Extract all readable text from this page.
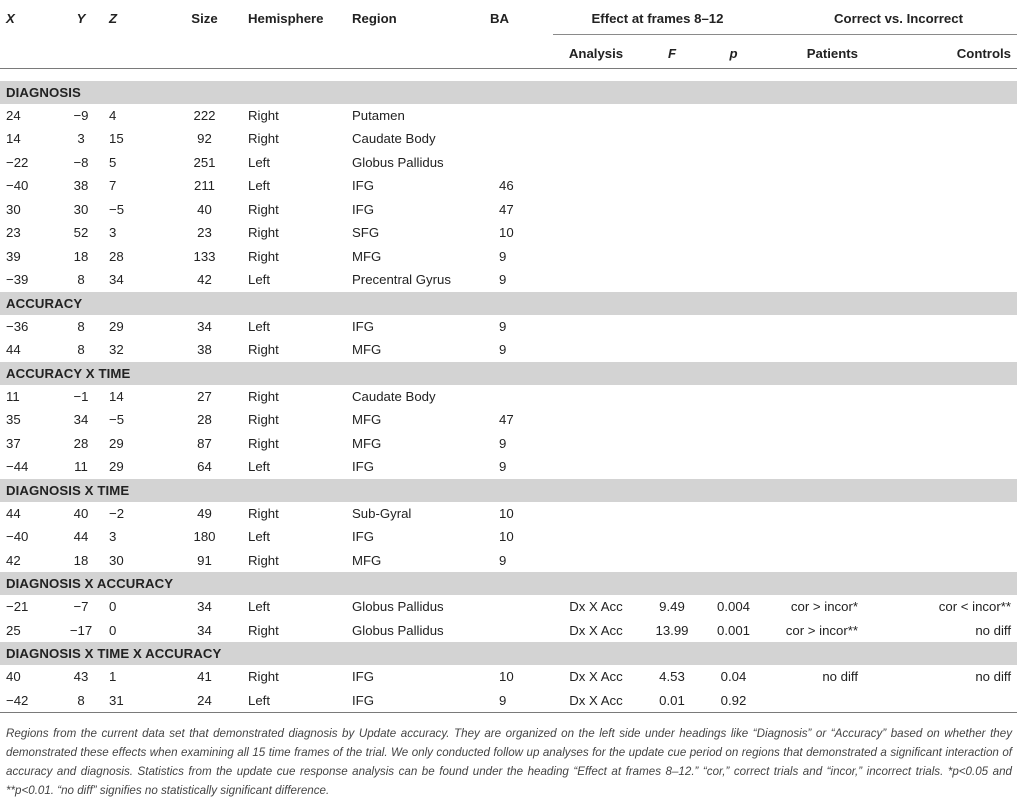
X	Y	Z	Size	Hemisphere	Region	BA	Effect at frames 8–12			Correct vs. Incorrect	
							Analysis	F	p	Patients	Controls

DIAGNOSIS											
24	−9	4	222	Right	Putamen						
14	3	15	92	Right	Caudate Body						
−22	−8	5	251	Left	Globus Pallidus						
−40	38	7	211	Left	IFG	46					
30	30	−5	40	Right	IFG	47					
23	52	3	23	Right	SFG	10					
39	18	28	133	Right	MFG	9					
−39	8	34	42	Left	Precentral Gyrus	9					
ACCURACY											
−36	8	29	34	Left	IFG	9					
44	8	32	38	Right	MFG	9					
ACCURACY X TIME											
11	−1	14	27	Right	Caudate Body						
35	34	−5	28	Right	MFG	47					
37	28	29	87	Right	MFG	9					
−44	11	29	64	Left	IFG	9					
DIAGNOSIS X TIME											
44	40	−2	49	Right	Sub-Gyral	10					
−40	44	3	180	Left	IFG	10					
42	18	30	91	Right	MFG	9					
DIAGNOSIS X ACCURACY											
−21	−7	0	34	Left	Globus Pallidus		Dx X Acc	9.49	0.004	cor > incor*	cor < incor**
25	−17	0	34	Right	Globus Pallidus		Dx X Acc	13.99	0.001	cor > incor**	no diff
DIAGNOSIS X TIME X ACCURACY											
40	43	1	41	Right	IFG	10	Dx X Acc	4.53	0.04	no diff	no diff
−42	8	31	24	Left	IFG	9	Dx X Acc	0.01	0.92		
Regions from the current data set that demonstrated diagnosis by Update accuracy. They are organized on the left side under headings like “Diagnosis” or “Accuracy” based on whether they demonstrated these effects when examining all 15 time frames of the trial. We only conducted follow up analyses for the update cue period on regions that demonstrated a significant interaction of accuracy and diagnosis. Statistics from the update cue response analysis can be found under the heading “Effect at frames 8–12.” “cor,” correct trials and “incor,” incorrect trials. *p<0.05 and **p<0.01. “no diff” signifies no statistically significant difference.
